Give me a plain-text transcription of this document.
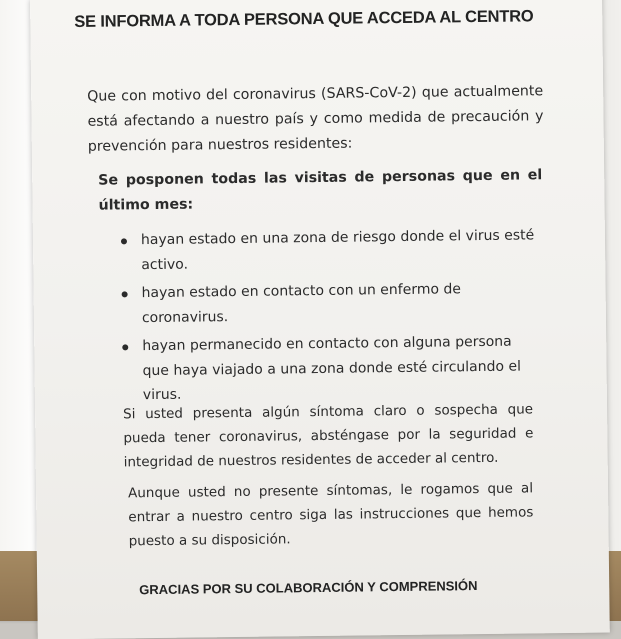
SE INFORMA A TODA PERSONA QUE ACCEDA AL CENTRO
Que con motivo del coronavirus (SARS-CoV-2) que actualmente está afectando a nuestro país y como medida de precaución y prevención para nuestros residentes:
Se posponen todas las visitas de personas que en el último mes:
hayan estado en una zona de riesgo donde el virus esté activo.
hayan estado en contacto con un enfermo de coronavirus.
hayan permanecido en contacto con alguna persona que haya viajado a una zona donde esté circulando el virus.
Si usted presenta algún síntoma claro o sospecha que pueda tener coronavirus, absténgase por la seguridad e integridad de nuestros residentes de acceder al centro.
Aunque usted no presente síntomas, le rogamos que al entrar a nuestro centro siga las instrucciones que hemos puesto a su disposición.
GRACIAS POR SU COLABORACIÓN Y COMPRENSIÓN
